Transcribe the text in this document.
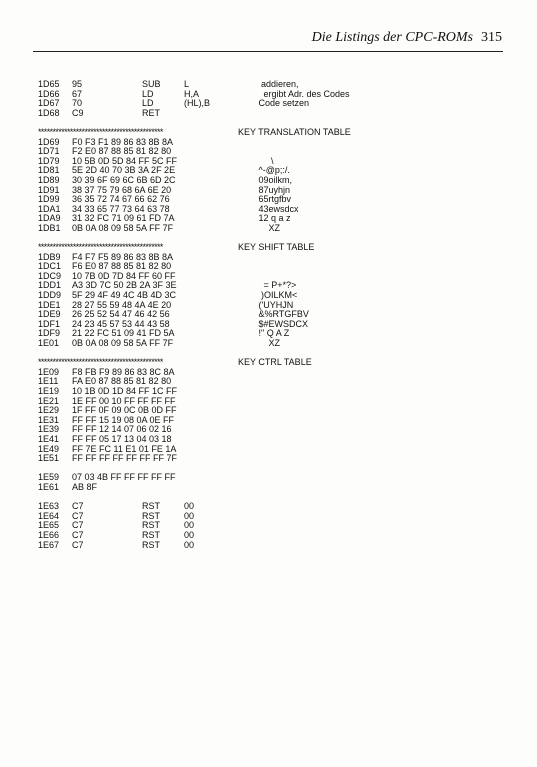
Die Listings der CPC-ROMs 315
1D65 95	SUB	L	addieren,
1D66 67	LD	H,A	ergibt Adr. des Codes
1D67 70	LD	(HL),B	Code setzen
1D68 C9	RET
*******************************************	KEY TRANSLATION TABLE
1D69 F0 F3 F1 89 86 83 8B 8A
1D71 F2 E0 87 88 85 81 82 80
1D79 10 5B 0D 5D 84 FF 5C FF	\
1D81 5E 2D 40 70 3B 3A 2F 2E	^-@p;:/.
1D89 30 39 6F 69 6C 6B 6D 2C	09oilkm,
1D91 38 37 75 79 68 6A 6E 20	87uyhjn
1D99 36 35 72 74 67 66 62 76	65rtgfbv
1DA1 34 33 65 77 73 64 63 78	43ewsdcx
1DA9 31 32 FC 71 09 61 FD 7A	12 q a z
1DB1 0B 0A 08 09 58 5A FF 7F	XZ
*******************************************	KEY SHIFT TABLE
1DB9 F4 F7 F5 89 86 83 8B 8A
1DC1 F6 E0 87 88 85 81 82 80
1DC9 10 7B 0D 7D 84 FF 60 FF
1DD1 A3 3D 7C 50 2B 2A 3F 3E	= P+*?>
1DD9 5F 29 4F 49 4C 4B 4D 3C	)OILKM<
1DE1 28 27 55 59 48 4A 4E 20	('UYHJN
1DE9 26 25 52 54 47 46 42 56	&%RTGFBV
1DF1 24 23 45 57 53 44 43 58	$#EWSDCX
1DF9 21 22 FC 51 09 41 FD 5A	!" Q A Z
1E01 0B 0A 08 09 58 5A FF 7F	XZ
*******************************************	KEY CTRL TABLE
1E09 F8 FB F9 89 86 83 8C 8A
1E11 FA E0 87 88 85 81 82 80
1E19 10 1B 0D 1D 84 FF 1C FF
1E21 1E FF 00 10 FF FF FF FF
1E29 1F FF 0F 09 0C 0B 0D FF
1E31 FF FF 15 19 08 0A 0E FF
1E39 FF FF 12 14 07 06 02 16
1E41 FF FF 05 17 13 04 03 18
1E49 FF 7E FC 11 E1 01 FE 1A
1E51 FF FF FF FF FF FF FF 7F
1E59 07 03 4B FF FF FF FF FF
1E61 AB 8F
1E63 C7	RST	00
1E64 C7	RST	00
1E65 C7	RST	00
1E66 C7	RST	00
1E67 C7	RST	00
